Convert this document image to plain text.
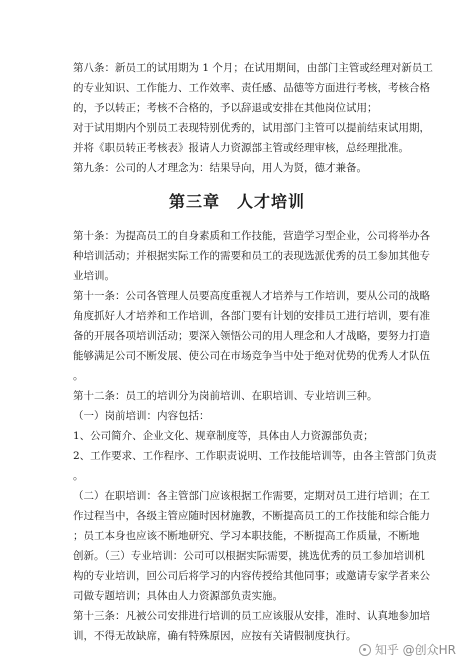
第八条：新员工的试用期为 1 个月；在试用期间，由部门主管或经理对新员工
的专业知识、工作能力、工作效率、责任感、品德等方面进行考核，考核合格
的，予以转正；考核不合格的，予以辞退或安排在其他岗位试用；
对于试用期内个别员工表现特别优秀的，试用部门主管可以提前结束试用期，
并将《职员转正考核表》报请人力资源部主管或经理审核，总经理批准。
第九条：公司的人才理念为：结果导向，用人为贤，德才兼备。
第三章　人才培训
第十条：为提高员工的自身素质和工作技能，营造学习型企业，公司将举办各
种培训活动；并根据实际工作的需要和员工的表现选派优秀的员工参加其他专
业培训。
第十一条：公司各管理人员要高度重视人才培养与工作培训，要从公司的战略
角度抓好人才培养和工作培训，各部门要有计划的安排员工进行培训，要有准
备的开展各项培训活动；要深入领悟公司的用人理念和人才战略，要努力打造
能够满足公司不断发展、使公司在市场竞争当中处于绝对优势的优秀人才队伍
。
第十二条：员工的培训分为岗前培训、在职培训、专业培训三种。
（一）岗前培训：内容包括：
1、公司简介、企业文化、规章制度等，具体由人力资源部负责；
2、工作要求、工作程序、工作职责说明、工作技能培训等，由各主管部门负责
。
（二）在职培训：各主管部门应该根据工作需要，定期对员工进行培训；在工
作过程当中，各级主管应随时因材施教，不断提高员工的工作技能和综合能力
；员工本身也应该不断地研究、学习本职技能，不断提高工作质量，不断地
创新。（三）专业培训：公司可以根据实际需要，挑选优秀的员工参加培训机
构的专业培训，回公司后将学习的内容传授给其他同事；或邀请专家学者来公
司做专题培训；具体由人力资源部负责实施。
第十三条：凡被公司安排进行培训的员工应该服从安排，准时、认真地参加培
训，不得无故缺席，确有特殊原因，应按有关请假制度执行。
知乎 @创众HR
